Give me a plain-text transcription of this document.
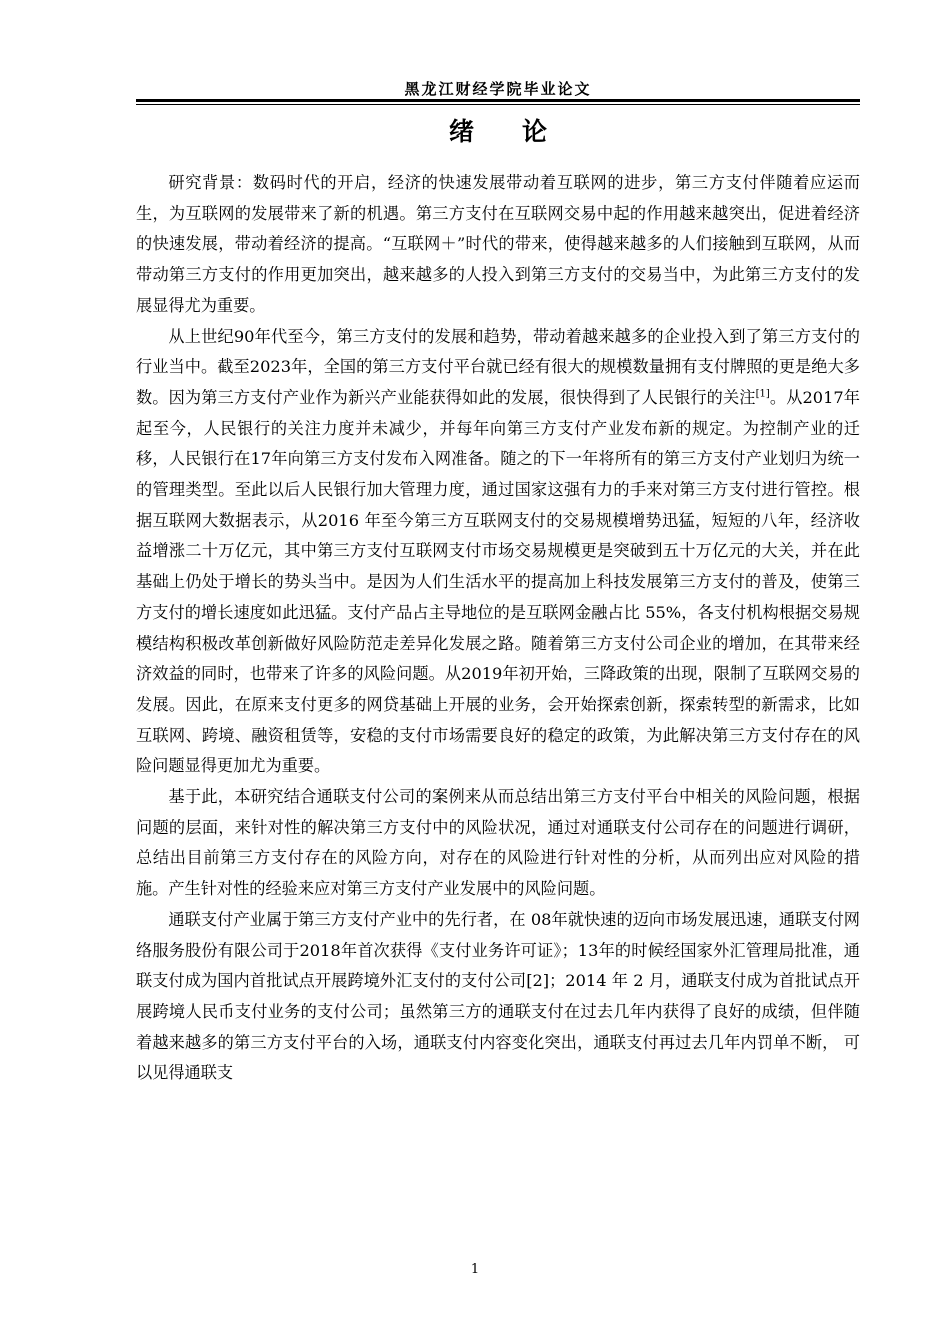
黑龙江财经学院毕业论文
绪论

研究背景：数码时代的开启，经济的快速发展带动着互联网的进步，第三方支付伴随着应运而生，为互联网的发展带来了新的机遇。第三方支付在互联网交易中起的作用越来越突出，促进着经济的快速发展，带动着经济的提高。“互联网＋”时代的带来，使得越来越多的人们接触到互联网，从而带动第三方支付的作用更加突出，越来越多的人投入到第三方支付的交易当中，为此第三方支付的发展显得尤为重要。

从上世纪90年代至今，第三方支付的发展和趋势，带动着越来越多的企业投入到了第三方支付的行业当中。截至2023年，全国的第三方支付平台就已经有很大的规模数量拥有支付牌照的更是绝大多数。因为第三方支付产业作为新兴产业能获得如此的发展，很快得到了人民银行的关注[1]。从2017年起至今，人民银行的关注力度并未减少，并每年向第三方支付产业发布新的规定。为控制产业的迁移，人民银行在17年向第三方支付发布入网准备。随之的下一年将所有的第三方支付产业划归为统一的管理类型。至此以后人民银行加大管理力度，通过国家这强有力的手来对第三方支付进行管控。根据互联网大数据表示，从2016 年至今第三方互联网支付的交易规模增势迅猛，短短的八年，经济收益增涨二十万亿元，其中第三方支付互联网支付市场交易规模更是突破到五十万亿元的大关，并在此基础上仍处于增长的势头当中。是因为人们生活水平的提高加上科技发展第三方支付的普及，使第三方支付的增长速度如此迅猛。支付产品占主导地位的是互联网金融占比 55%，各支付机构根据交易规模结构积极改革创新做好风险防范走差异化发展之路。随着第三方支付公司企业的增加，在其带来经济效益的同时，也带来了许多的风险问题。从2019年初开始，三降政策的出现，限制了互联网交易的发展。因此，在原来支付更多的网贷基础上开展的业务，会开始探索创新，探索转型的新需求，比如互联网、跨境、融资租赁等，安稳的支付市场需要良好的稳定的政策，为此解决第三方支付存在的风险问题显得更加尤为重要。

基于此，本研究结合通联支付公司的案例来从而总结出第三方支付平台中相关的风险问题，根据问题的层面，来针对性的解决第三方支付中的风险状况，通过对通联支付公司存在的问题进行调研，总结出目前第三方支付存在的风险方向，对存在的风险进行针对性的分析，从而列出应对风险的措施。产生针对性的经验来应对第三方支付产业发展中的风险问题。

通联支付产业属于第三方支付产业中的先行者，在 08年就快速的迈向市场发展迅速，通联支付网络服务股份有限公司于2018年首次获得《支付业务许可证》；13年的时候经国家外汇管理局批准，通联支付成为国内首批试点开展跨境外汇支付的支付公司[2]；2014 年 2 月，通联支付成为首批试点开展跨境人民币支付业务的支付公司；虽然第三方的通联支付在过去几年内获得了良好的成绩，但伴随着越来越多的第三方支付平台的入场，通联支付内容变化突出，通联支付再过去几年内罚单不断， 可以见得通联支

1
